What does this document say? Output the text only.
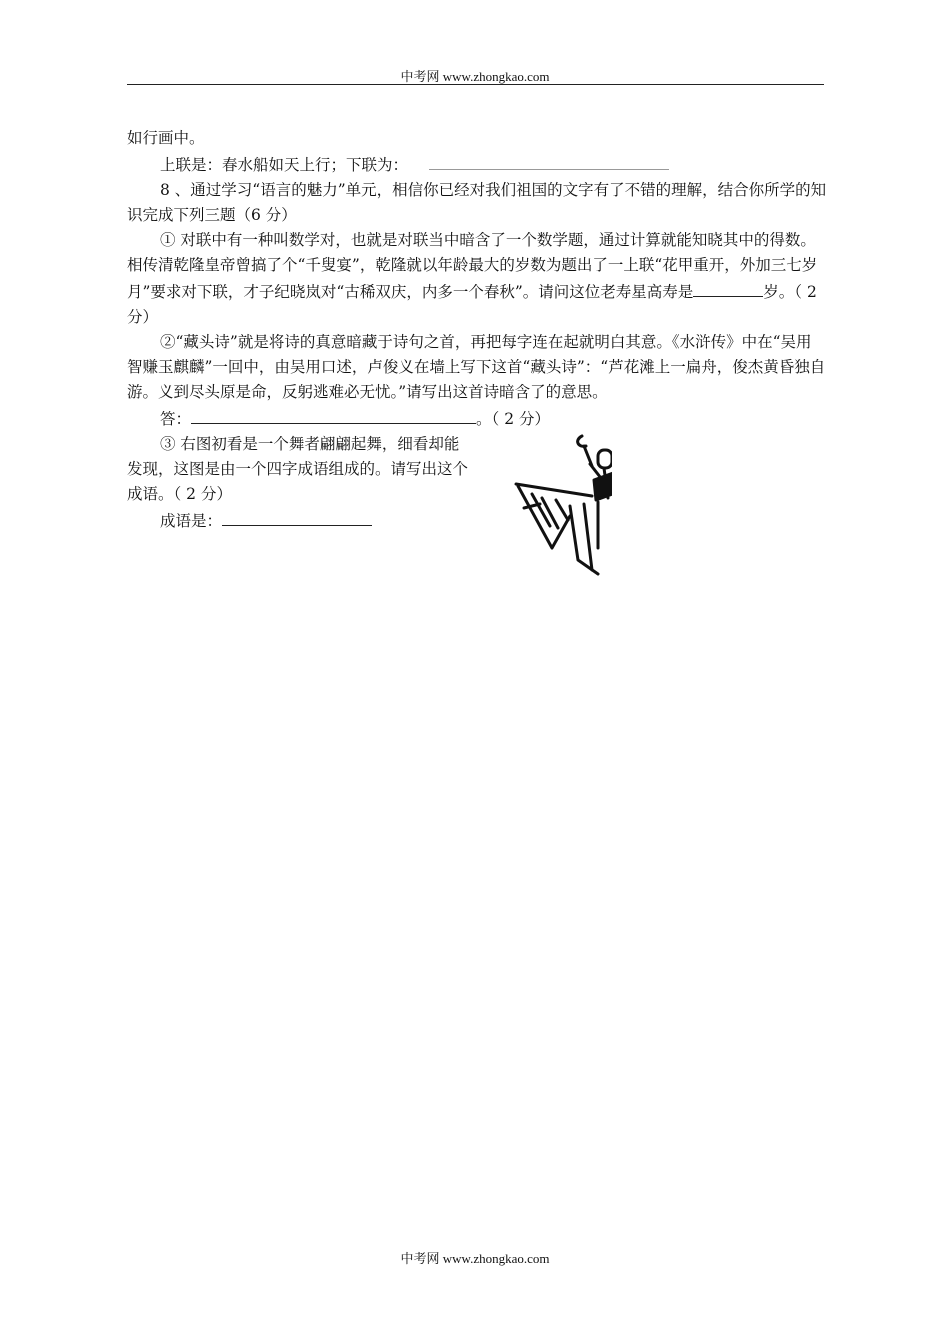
中考网 www.zhongkao.com

如行画中。

上联是：春水船如天上行；下联为：

8 、通过学习“语言的魅力”单元，相信你已经对我们祖国的文字有了不错的理解，结合你所学的知识完成下列三题（6 分）

① 对联中有一种叫数学对，也就是对联当中暗含了一个数学题，通过计算就能知晓其中的得数。相传清乾隆皇帝曾搞了个“千叟宴”，乾隆就以年龄最大的岁数为题出了一上联“花甲重开，外加三七岁月”要求对下联，才子纪晓岚对“古稀双庆，内多一个春秋”。请问这位老寿星高寿是	岁。（ 2 分）

②“藏头诗”就是将诗的真意暗藏于诗句之首，再把每字连在起就明白其意。《水浒传》中在“吴用智赚玉麒麟”一回中，由吴用口述，卢俊义在墙上写下这首“藏头诗”：“芦花滩上一扁舟，俊杰黄昏独自游。义到尽头原是命，反躬逃难必无忧。”请写出这首诗暗含了的意思。

答：	。（ 2 分）

③ 右图初看是一个舞者翩翩起舞，细看却能发现，这图是由一个四字成语组成的。请写出这个成语。（ 2 分）

成语是：

中考网 www.zhongkao.com
